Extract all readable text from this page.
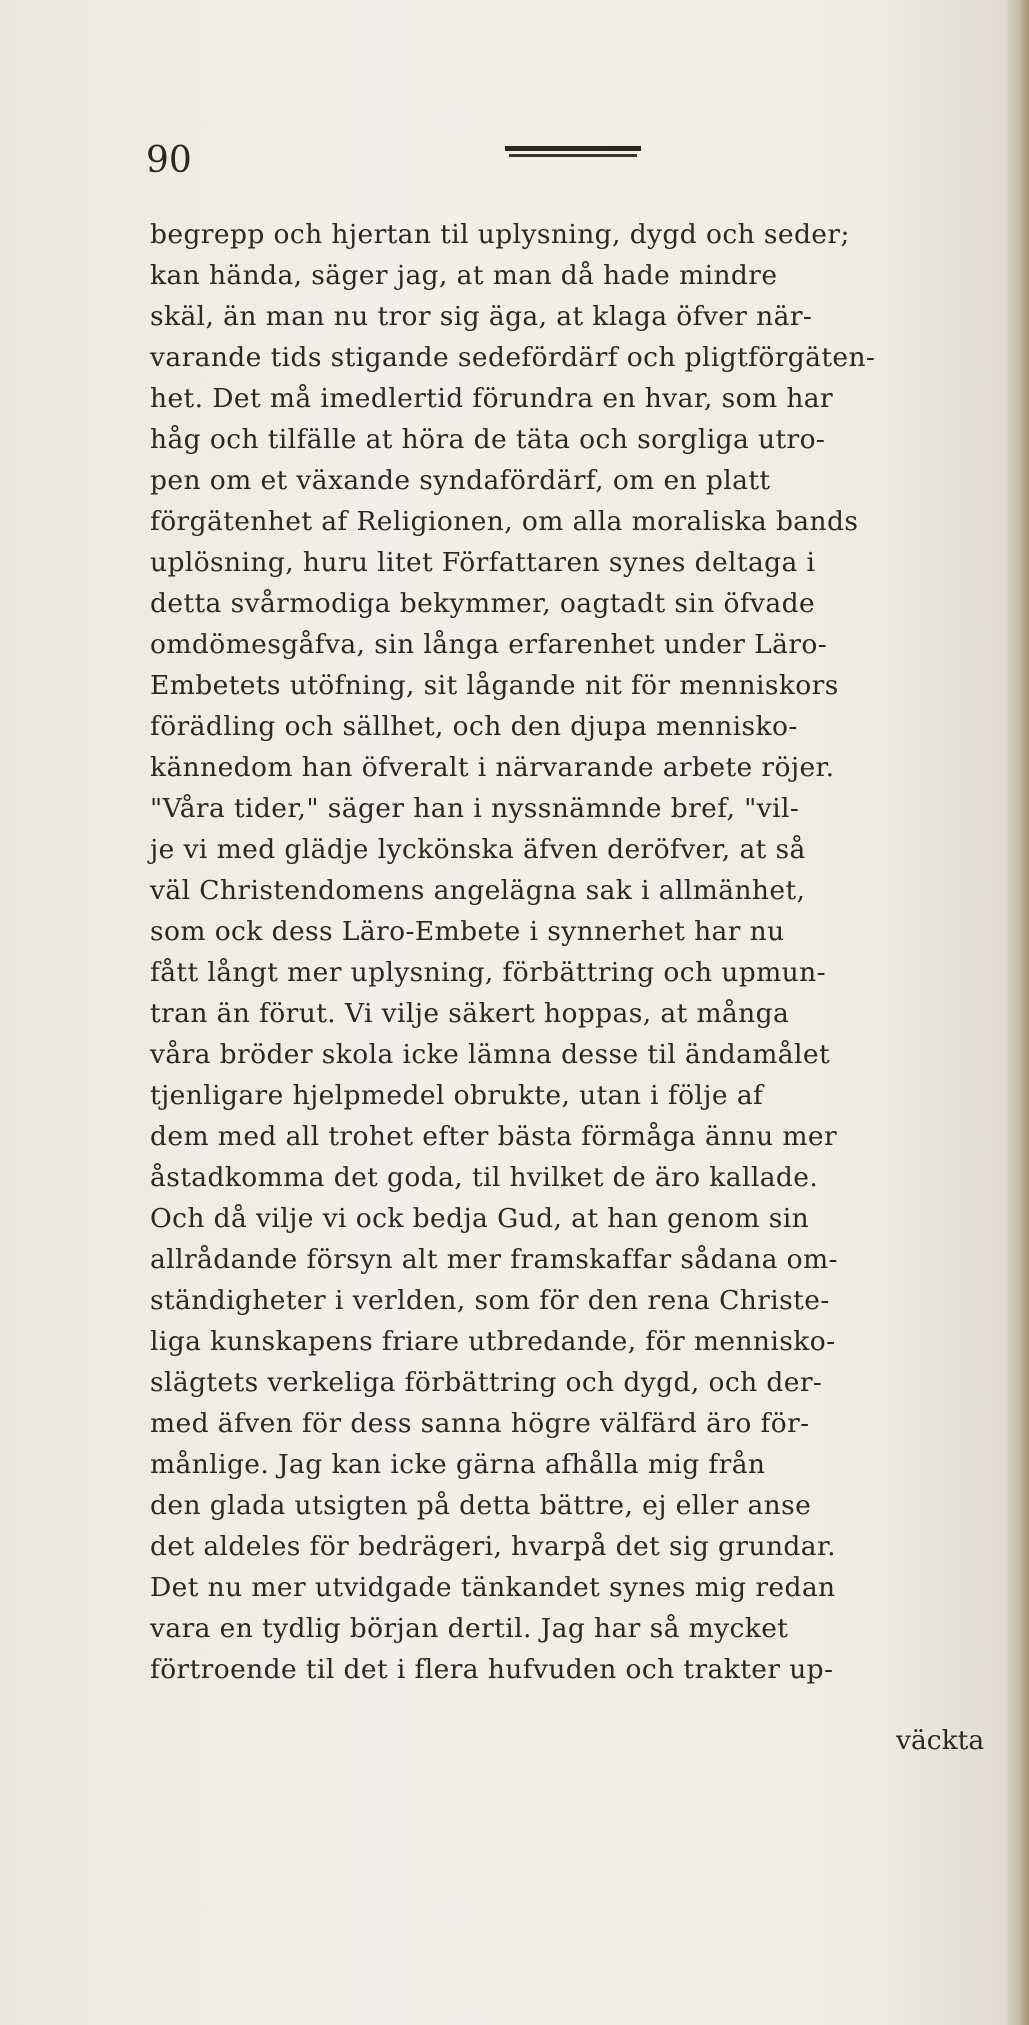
90
begrepp och hjertan til uplysning, dygd och seder;
kan hända, säger jag, at man då hade mindre
skäl, än man nu tror sig äga, at klaga öfver när-
varande tids stigande sedefördärf och pligtförgäten-
het. Det må imedlertid förundra en hvar, som har
håg och tilfälle at höra de täta och sorgliga utro-
pen om et växande syndafördärf, om en platt
förgätenhet af Religionen, om alla moraliska bands
uplösning, huru litet Författaren synes deltaga i
detta svårmodiga bekymmer, oagtadt sin öfvade
omdömesgåfva, sin långa erfarenhet under Läro-
Embetets utöfning, sit lågande nit för menniskors
förädling och sällhet, och den djupa menniskо-
kännedom han öfveralt i närvarande arbete röjer.
"Våra tider," säger han i nyssnämnde bref, "vil-
je vi med glädje lyckönska äfven deröfver, at så
väl Christendomens angelägna sak i allmänhet,
som ock dess Läro-Embete i synnerhet har nu
fått långt mer uplysning, förbättring och upmun-
tran än förut. Vi vilje säkert hoppas, at många
våra bröder skola icke lämna desse til ändamålet
tjenligare hjelpmedel obrukte, utan i följe af
dem med all trohet efter bästa förmåga ännu mer
åstadkomma det goda, til hvilket de äro kallade.
Och då vilje vi ock bedja Gud, at han genom sin
allrådande försyn alt mer framskaffar sådana om-
ständigheter i verlden, som för den rena Christe-
liga kunskapens friare utbredande, för menniskо-
slägtets verkeliga förbättring och dygd, och der-
med äfven för dess sanna högre välfärd äro för-
månlige. Jag kan icke gärna afhålla mig från
den glada utsigten på detta bättre, ej eller anse
det aldeles för bedrägeri, hvarpå det sig grundar.
Det nu mer utvidgade tänkandet synes mig redan
vara en tydlig början dertil. Jag har så mycket
förtroende til det i flera hufvuden och trakter up-
väckta
